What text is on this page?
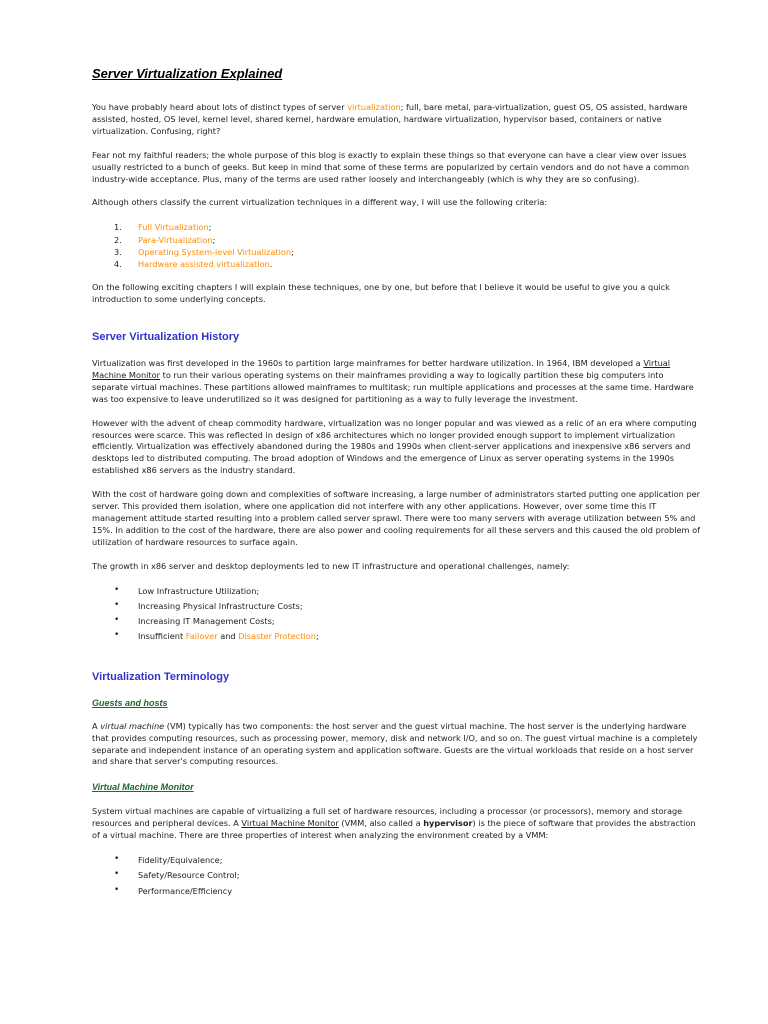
Server Virtualization Explained

You have probably heard about lots of distinct types of server virtualization; full, bare metal, para-virtualization, guest OS, OS assisted, hardware assisted, hosted, OS level, kernel level, shared kernel, hardware emulation, hardware virtualization, hypervisor based, containers or native virtualization. Confusing, right?

Fear not my faithful readers; the whole purpose of this blog is exactly to explain these things so that everyone can have a clear view over issues usually restricted to a bunch of geeks. But keep in mind that some of these terms are popularized by certain vendors and do not have a common industry-wide acceptance. Plus, many of the terms are used rather loosely and interchangeably (which is why they are so confusing).

Although others classify the current virtualization techniques in a different way, I will use the following criteria:

1. Full Virtualization;
2. Para-Virtualization;
3. Operating System-level Virtualization;
4. Hardware assisted virtualization.

On the following exciting chapters I will explain these techniques, one by one, but before that I believe it would be useful to give you a quick introduction to some underlying concepts.

Server Virtualization History

Virtualization was first developed in the 1960s to partition large mainframes for better hardware utilization. In 1964, IBM developed a Virtual Machine Monitor to run their various operating systems on their mainframes providing a way to logically partition these big computers into separate virtual machines. These partitions allowed mainframes to multitask; run multiple applications and processes at the same time. Hardware was too expensive to leave underutilized so it was designed for partitioning as a way to fully leverage the investment.

However with the advent of cheap commodity hardware, virtualization was no longer popular and was viewed as a relic of an era where computing resources were scarce. This was reflected in design of x86 architectures which no longer provided enough support to implement virtualization efficiently. Virtualization was effectively abandoned during the 1980s and 1990s when client-server applications and inexpensive x86 servers and desktops led to distributed computing. The broad adoption of Windows and the emergence of Linux as server operating systems in the 1990s established x86 servers as the industry standard.

With the cost of hardware going down and complexities of software increasing, a large number of administrators started putting one application per server. This provided them isolation, where one application did not interfere with any other applications. However, over some time this IT management attitude started resulting into a problem called server sprawl. There were too many servers with average utilization between 5% and 15%. In addition to the cost of the hardware, there are also power and cooling requirements for all these servers and this caused the old problem of utilization of hardware resources to surface again.

The growth in x86 server and desktop deployments led to new IT infrastructure and operational challenges, namely:

• Low Infrastructure Utilization;
• Increasing Physical Infrastructure Costs;
• Increasing IT Management Costs;
• Insufficient Failover and Disaster Protection;
Virtualization Terminology
Guests and hosts

A virtual machine (VM) typically has two components: the host server and the guest virtual machine. The host server is the underlying hardware that provides computing resources, such as processing power, memory, disk and network I/O, and so on. The guest virtual machine is a completely separate and independent instance of an operating system and application software. Guests are the virtual workloads that reside on a host server and share that server's computing resources.

Virtual Machine Monitor

System virtual machines are capable of virtualizing a full set of hardware resources, including a processor (or processors), memory and storage resources and peripheral devices. A Virtual Machine Monitor (VMM, also called a hypervisor) is the piece of software that provides the abstraction of a virtual machine. There are three properties of interest when analyzing the environment created by a VMM:

• Fidelity/Equivalence;
• Safety/Resource Control;
• Performance/Efficiency
